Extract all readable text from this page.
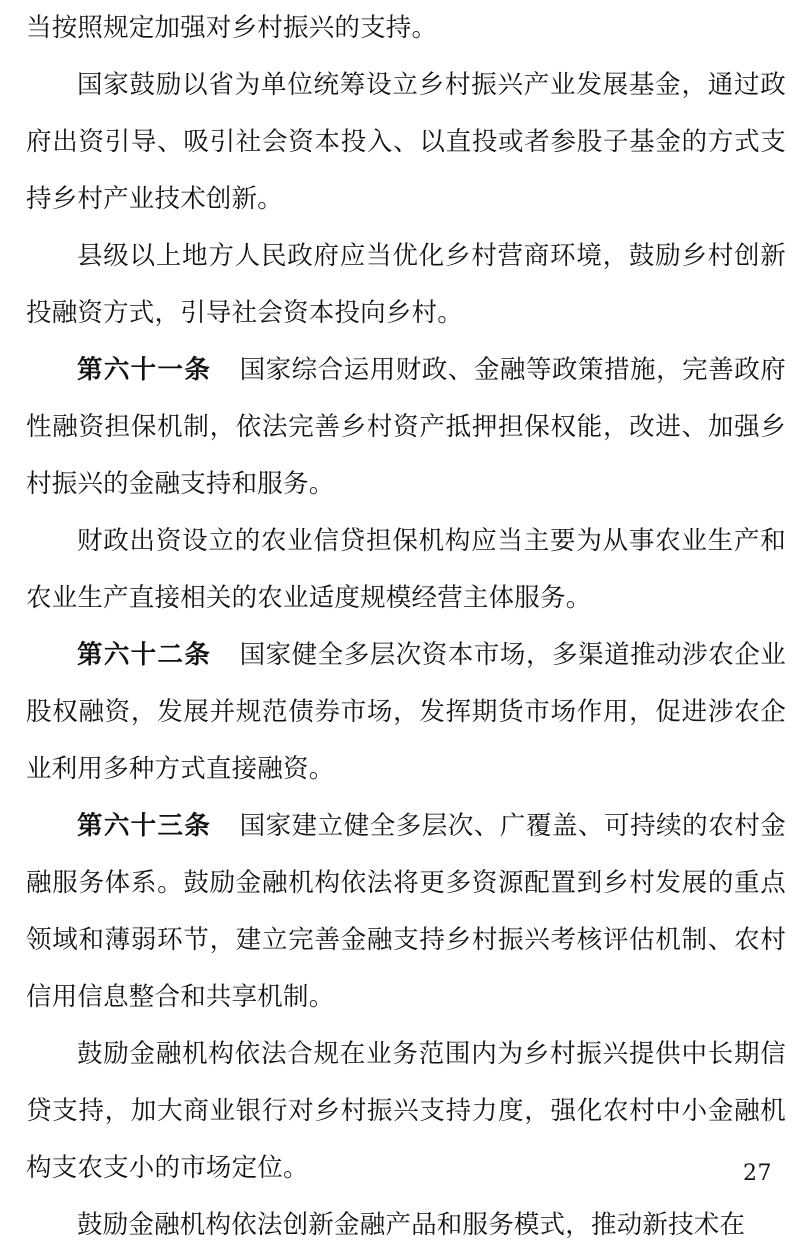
当按照规定加强对乡村振兴的支持。

国家鼓励以省为单位统筹设立乡村振兴产业发展基金，通过政府出资引导、吸引社会资本投入、以直投或者参股子基金的方式支持乡村产业技术创新。

县级以上地方人民政府应当优化乡村营商环境，鼓励乡村创新投融资方式，引导社会资本投向乡村。

第六十一条 国家综合运用财政、金融等政策措施，完善政府性融资担保机制，依法完善乡村资产抵押担保权能，改进、加强乡村振兴的金融支持和服务。

财政出资设立的农业信贷担保机构应当主要为从事农业生产和农业生产直接相关的农业适度规模经营主体服务。

第六十二条 国家健全多层次资本市场，多渠道推动涉农企业股权融资，发展并规范债券市场，发挥期货市场作用，促进涉农企业利用多种方式直接融资。

第六十三条 国家建立健全多层次、广覆盖、可持续的农村金融服务体系。鼓励金融机构依法将更多资源配置到乡村发展的重点领域和薄弱环节，建立完善金融支持乡村振兴考核评估机制、农村信用信息整合和共享机制。

鼓励金融机构依法合规在业务范围内为乡村振兴提供中长期信贷支持，加大商业银行对乡村振兴支持力度，强化农村中小金融机构支农支小的市场定位。

鼓励金融机构依法创新金融产品和服务模式，推动新技术在

27
